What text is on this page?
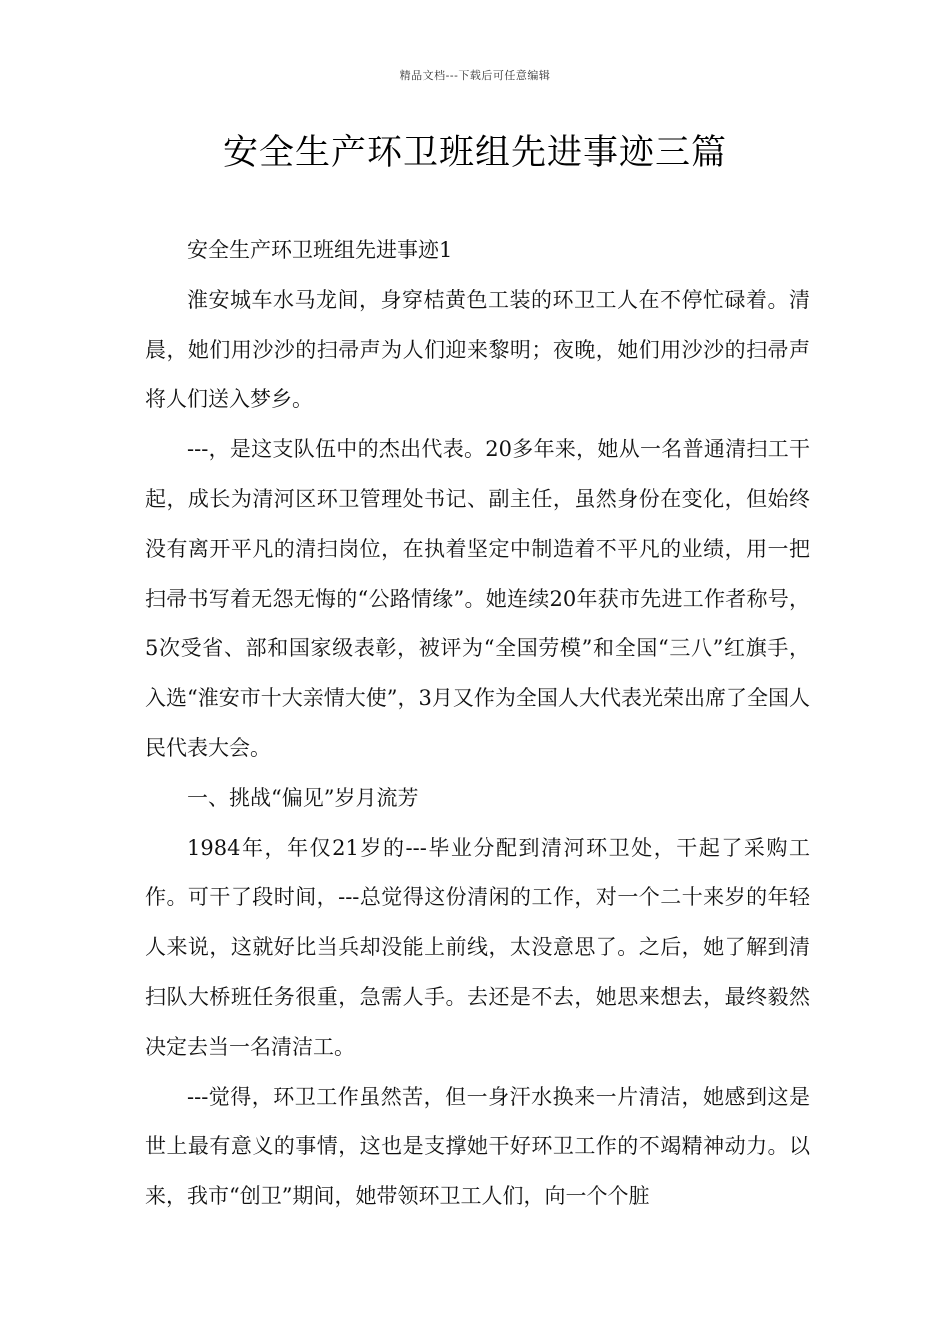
精品文档---下载后可任意编辑
安全生产环卫班组先进事迹三篇

安全生产环卫班组先进事迹1

淮安城车水马龙间，身穿桔黄色工装的环卫工人在不停忙碌着。清晨，她们用沙沙的扫帚声为人们迎来黎明；夜晚，她们用沙沙的扫帚声将人们送入梦乡。

---，是这支队伍中的杰出代表。20多年来，她从一名普通清扫工干起，成长为清河区环卫管理处书记、副主任，虽然身份在变化，但始终没有离开平凡的清扫岗位，在执着坚定中制造着不平凡的业绩，用一把扫帚书写着无怨无悔的“公路情缘”。她连续20年获市先进工作者称号，5次受省、部和国家级表彰，被评为“全国劳模”和全国“三八”红旗手，入选“淮安市十大亲情大使”，3月又作为全国人大代表光荣出席了全国人民代表大会。

一、挑战“偏见”岁月流芳

1984年，年仅21岁的---毕业分配到清河环卫处，干起了采购工作。可干了段时间，---总觉得这份清闲的工作，对一个二十来岁的年轻人来说，这就好比当兵却没能上前线，太没意思了。之后，她了解到清扫队大桥班任务很重，急需人手。去还是不去，她思来想去，最终毅然决定去当一名清洁工。

---觉得，环卫工作虽然苦，但一身汗水换来一片清洁，她感到这是世上最有意义的事情，这也是支撑她干好环卫工作的不竭精神动力。以来，我市“创卫”期间，她带领环卫工人们，向一个个脏
